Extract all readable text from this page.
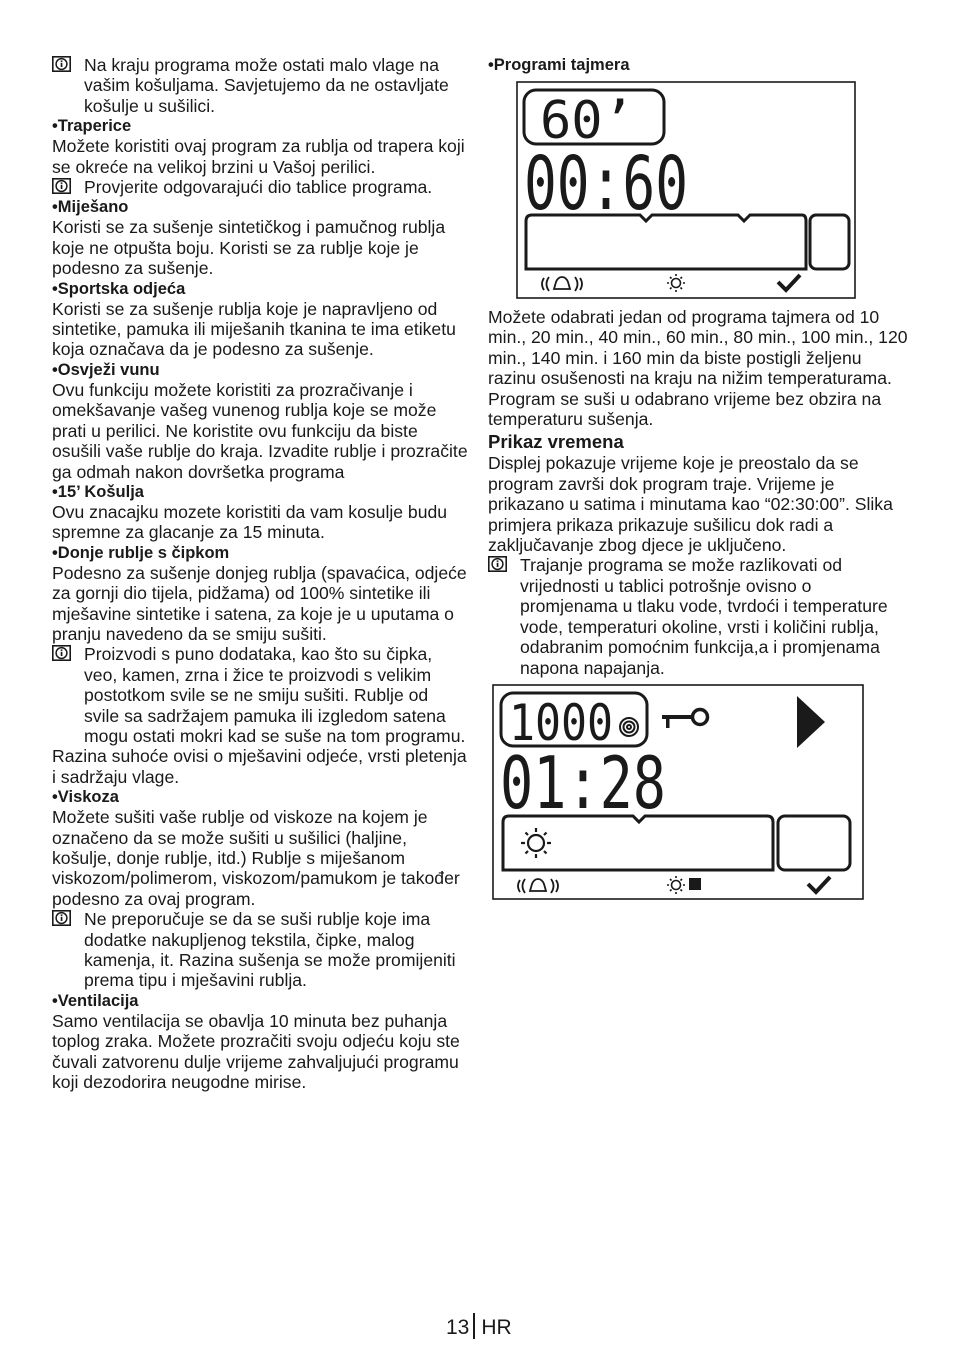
Na kraju programa može ostati malo vlage na vašim košuljama. Savjetujemo da ne ostavljate košulje u sušilici.

•Traperice

Možete koristiti ovaj program za rublja od trapera koji se okreće na velikoj brzini u Vašoj perilici.

Provjerite odgovarajući dio tablice programa.

•Miješano

Koristi se za sušenje sintetičkog i pamučnog rublja koje ne otpušta boju. Koristi se za rublje koje je podesno za sušenje.

•Sportska odjeća

Koristi se za sušenje rublja koje je napravljeno od sintetike, pamuka ili miješanih tkanina te ima etiketu koja označava da je podesno za sušenje.

•Osvježi vunu

Ovu funkciju možete koristiti za prozračivanje i omekšavanje vašeg vunenog rublja koje se može prati u perilici. Ne koristite ovu funkciju da biste osušili vaše rublje do kraja. Izvadite rublje i prozračite ga odmah nakon dovršetka programa

•15’ Košulja

Ovu znacajku mozete koristiti da vam kosulje budu spremne za glacanje za 15 minuta.

•Donje rublje s čipkom

Podesno za sušenje donjeg rublja (spavaćica, odjeće za gornji dio tijela, pidžama) od 100% sintetike ili mješavine sintetike i satena, za koje je u uputama o pranju navedeno da se smiju sušiti.

Proizvodi s puno dodataka, kao što su čipka, veo, kamen, zrna i žice te proizvodi s velikim postotkom svile se ne smiju sušiti. Rublje od svile sa sadržajem pamuka ili izgledom satena mogu ostati mokri kad se suše na tom programu.

Razina suhoće ovisi o mješavini odjeće, vrsti pletenja i sadržaju vlage.

•Viskoza

Možete sušiti vaše rublje od viskoze na kojem je označeno da se može sušiti u sušilici (haljine, košulje, donje rublje, itd.) Rublje s miješanom viskozom/polimerom, viskozom/pamukom je također podesno za ovaj program.

Ne preporučuje se da se suši rublje koje ima dodatke nakupljenog tekstila, čipke, malog kamenja, it. Razina sušenja se može promijeniti prema tipu i mješavini rublja.

•Ventilacija

Samo ventilacija se obavlja 10 minuta bez puhanja toplog zraka. Možete prozračiti svoju odjeću koju ste čuvali zatvorenu dulje vrijeme zahvaljujući programu koji dezodorira neugodne mirise.

•Programi tajmera

60’
00:60

Možete odabrati jedan od programa tajmera od 10 min., 20 min., 40 min., 60 min., 80 min., 100 min., 120 min., 140 min. i 160 min da biste postigli željenu razinu osušenosti na kraju na nižim temperaturama. Program se suši u odabrano vrijeme bez obzira na temperaturu sušenja.

Prikaz vremena

Displej pokazuje vrijeme koje je preostalo da se program završi dok program traje. Vrijeme je prikazano u satima i minutama kao “02:30:00”. Slika primjera prikaza prikazuje sušilicu dok radi a zaključavanje zbog djece je uključeno.

Trajanje programa se može razlikovati od vrijednosti u tablici potrošnje ovisno o promjenama u tlaku vode, tvrdoći i temperature vode, temperaturi okoline, vrsti i količini rublja, odabranim pomoćnim funkcija,a i promjenama napona napajanja.

1000
01:28
13 HR
